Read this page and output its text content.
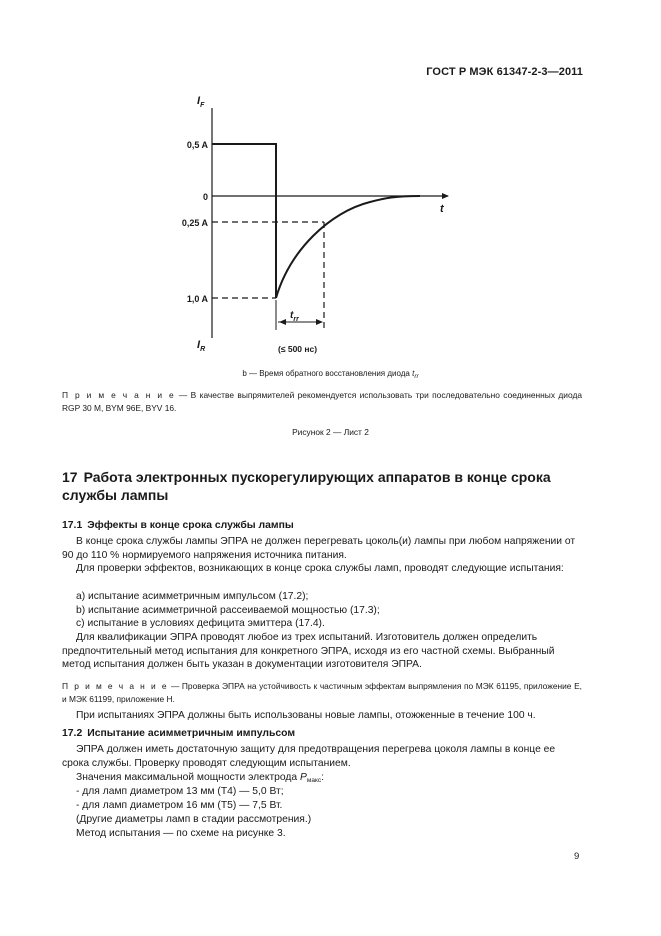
ГОСТ Р МЭК 61347-2-3—2011
$I_F$
$I_R$
t
0,5 A
0
0,25 A
1,0 A
$t_{rr}$
(≤ 500 нс)
b — Время обратного восстановления диода $t_{rr}$
П р и м е ч а н и е — В качестве выпрямителей рекомендуется использовать три последовательно соединенных диода RGP 30 M, BYM 96E, BYV 16.
Рисунок 2 — Лист 2
17 Работа электронных пускорегулирующих аппаратов в конце срока службы лампы
17.1 Эффекты в конце срока службы лампы
В конце срока службы лампы ЭПРА не должен перегревать цоколь(и) лампы при любом напряжении от 90 до 110 % нормируемого напряжения источника питания.
Для проверки эффектов, возникающих в конце срока службы ламп, проводят следующие испытания:
a) испытание асимметричным импульсом (17.2);
b) испытание асимметричной рассеиваемой мощностью (17.3);
c) испытание в условиях дефицита эмиттера (17.4).
Для квалификации ЭПРА проводят любое из трех испытаний. Изготовитель должен определить предпочтительный метод испытания для конкретного ЭПРА, исходя из его частной схемы. Выбранный метод испытания должен быть указан в документации изготовителя ЭПРА.
П р и м е ч а н и е — Проверка ЭПРА на устойчивость к частичным эффектам выпрямления по МЭК 61195, приложение E, и МЭК 61199, приложение H.
При испытаниях ЭПРА должны быть использованы новые лампы, отожженные в течение 100 ч.
17.2 Испытание асимметричным импульсом
ЭПРА должен иметь достаточную защиту для предотвращения перегрева цоколя лампы в конце ее срока службы. Проверку проводят следующим испытанием.
Значения максимальной мощности электрода $P_{макс}$:
- для ламп диаметром 13 мм (T4) — 5,0 Вт;
- для ламп диаметром 16 мм (T5) — 7,5 Вт.
(Другие диаметры ламп в стадии рассмотрения.)
Метод испытания — по схеме на рисунке 3.
9
